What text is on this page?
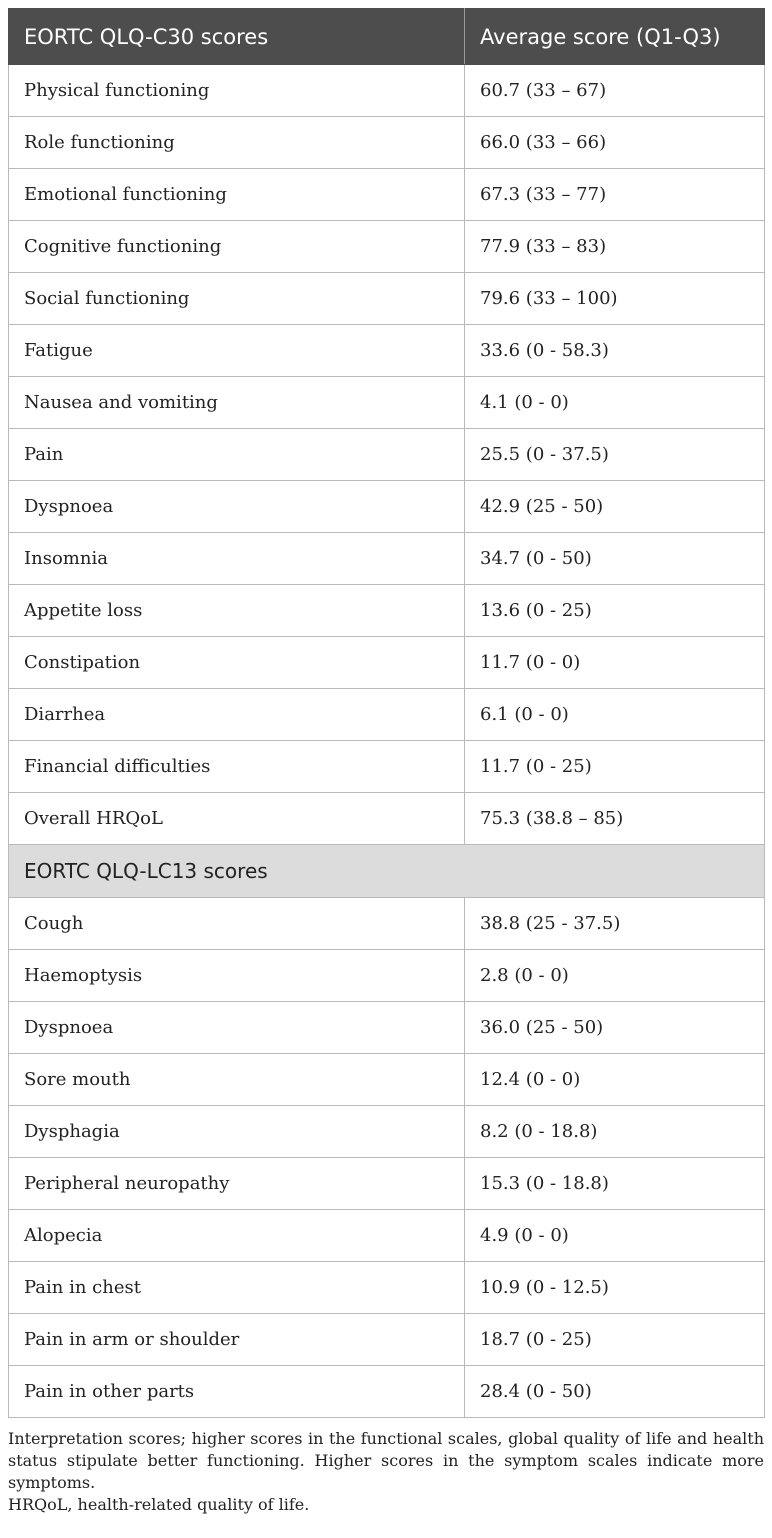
EORTC QLQ-C30 scores	Average score (Q1-Q3)
Physical functioning	60.7 (33 – 67)
Role functioning	66.0 (33 – 66)
Emotional functioning	67.3 (33 – 77)
Cognitive functioning	77.9 (33 – 83)
Social functioning	79.6 (33 – 100)
Fatigue	33.6 (0 - 58.3)
Nausea and vomiting	4.1 (0 - 0)
Pain	25.5 (0 - 37.5)
Dyspnoea	42.9 (25 - 50)
Insomnia	34.7 (0 - 50)
Appetite loss	13.6 (0 - 25)
Constipation	11.7 (0 - 0)
Diarrhea	6.1 (0 - 0)
Financial difficulties	11.7 (0 - 25)
Overall HRQoL	75.3 (38.8 – 85)
EORTC QLQ-LC13 scores	
Cough	38.8 (25 - 37.5)
Haemoptysis	2.8 (0 - 0)
Dyspnoea	36.0 (25 - 50)
Sore mouth	12.4 (0 - 0)
Dysphagia	8.2 (0 - 18.8)
Peripheral neuropathy	15.3 (0 - 18.8)
Alopecia	4.9 (0 - 0)
Pain in chest	10.9 (0 - 12.5)
Pain in arm or shoulder	18.7 (0 - 25)
Pain in other parts	28.4 (0 - 50)

Interpretation scores; higher scores in the functional scales, global quality of life and health status stipulate better functioning. Higher scores in the symptom scales indicate more symptoms.

HRQoL, health-related quality of life.
